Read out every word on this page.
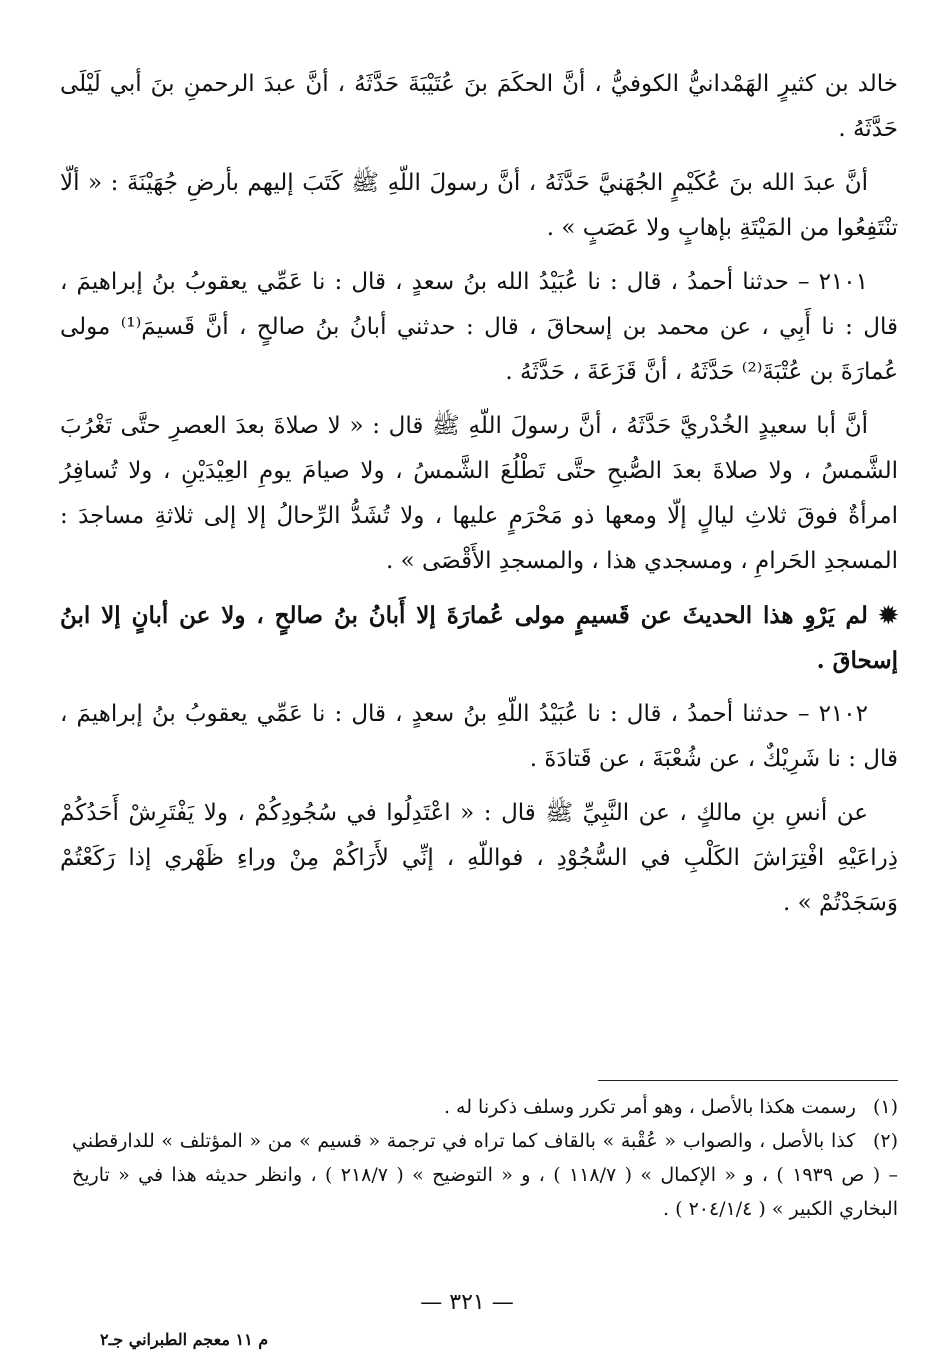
خالد بن كثيرٍ الهَمْدانيُّ الكوفيُّ ، أنَّ الحكَمَ بنَ عُتَيْبَةَ حَدَّثَهُ ، أنَّ عبدَ الرحمنِ بنَ أبي لَيْلَى حَدَّثَهُ .

أنَّ عبدَ الله بنَ عُكَيْمٍ الجُهَنيَّ حَدَّثَهُ ، أنَّ رسولَ اللّهِ ﷺ كَتَبَ إليهم بأرضِ جُهَيْنَةَ : « ألّا تنْتَفِعُوا من المَيْتَةِ بإهابٍ ولا عَصَبٍ » .

٢١٠١ – حدثنا أحمدُ ، قال : نا عُبَيْدُ الله بنُ سعدٍ ، قال : نا عَمِّي يعقوبُ بنُ إبراهيمَ ، قال : نا أَبِي ، عن محمد بن إسحاقَ ، قال : حدثني أبانُ بنُ صالحٍ ، أنَّ قَسيمَ⁽¹⁾ مولى عُمارَةَ بن عُتْبَةَ⁽²⁾ حَدَّثَهُ ، أنَّ قَزَعَةَ ، حَدَّثَهُ .

أنَّ أبا سعيدٍ الخُدْريَّ حَدَّثَهُ ، أنَّ رسولَ اللّهِ ﷺ قال : « لا صلاةَ بعدَ العصرِ حتَّى تَغْرُبَ الشَّمسُ ، ولا صلاةَ بعدَ الصُّبحِ حتَّى تَطْلُعَ الشَّمسُ ، ولا صيامَ يومِ العِيْدَيْنِ ، ولا تُسافِرُ امرأةٌ فوقَ ثلاثِ ليالٍ إلّا ومعها ذو مَحْرَمٍ عليها ، ولا تُشَدُّ الرِّحالُ إلا إلى ثلاثةِ مساجدَ : المسجدِ الحَرامِ ، ومسجدي هذا ، والمسجدِ الأَقْصَى » .

✹ لم يَرْوِ هذا الحديثَ عن قَسيمٍ مولى عُمارَةَ إلا أَبانُ بنُ صالحٍ ، ولا عن أبانٍ إلا ابنُ إسحاقَ .

٢١٠٢ – حدثنا أحمدُ ، قال : نا عُبَيْدُ اللّهِ بنُ سعدٍ ، قال : نا عَمِّي يعقوبُ بنُ إبراهيمَ ، قال : نا شَرِيْكٌ ، عن شُعْبَةَ ، عن قَتادَةَ .

عن أنسِ بنِ مالكٍ ، عن النَّبِيِّ ﷺ قال : « اعْتَدِلُوا في سُجُودِكُمْ ، ولا يَفْتَرِشْ أَحَدُكُمْ ذِراعَيْهِ افْتِرَاشَ الكَلْبِ في السُّجُوْدِ ، فواللّهِ ، إنِّي لأَرَاكُمْ مِنْ وراءِ ظَهْري إذا رَكَعْتُمْ وَسَجَدْتُمْ » .

(١) رسمت هكذا بالأصل ، وهو أمر تكرر وسلف ذكرنا له .

(٢) كذا بالأصل ، والصواب « عُقْبة » بالقاف كما تراه في ترجمة « قسيم » من « المؤتلف » للدارقطني – ( ص ١٩٣٩ ) ، و « الإكمال » ( ١١٨/٧ ) ، و « التوضيح » ( ٢١٨/٧ ) ، وانظر حديثه هذا في « تاريخ البخاري الكبير » ( ٢٠٤/١/٤ ) .

— ٣٢١ —
م ١١ معجم الطبراني جـ٢
